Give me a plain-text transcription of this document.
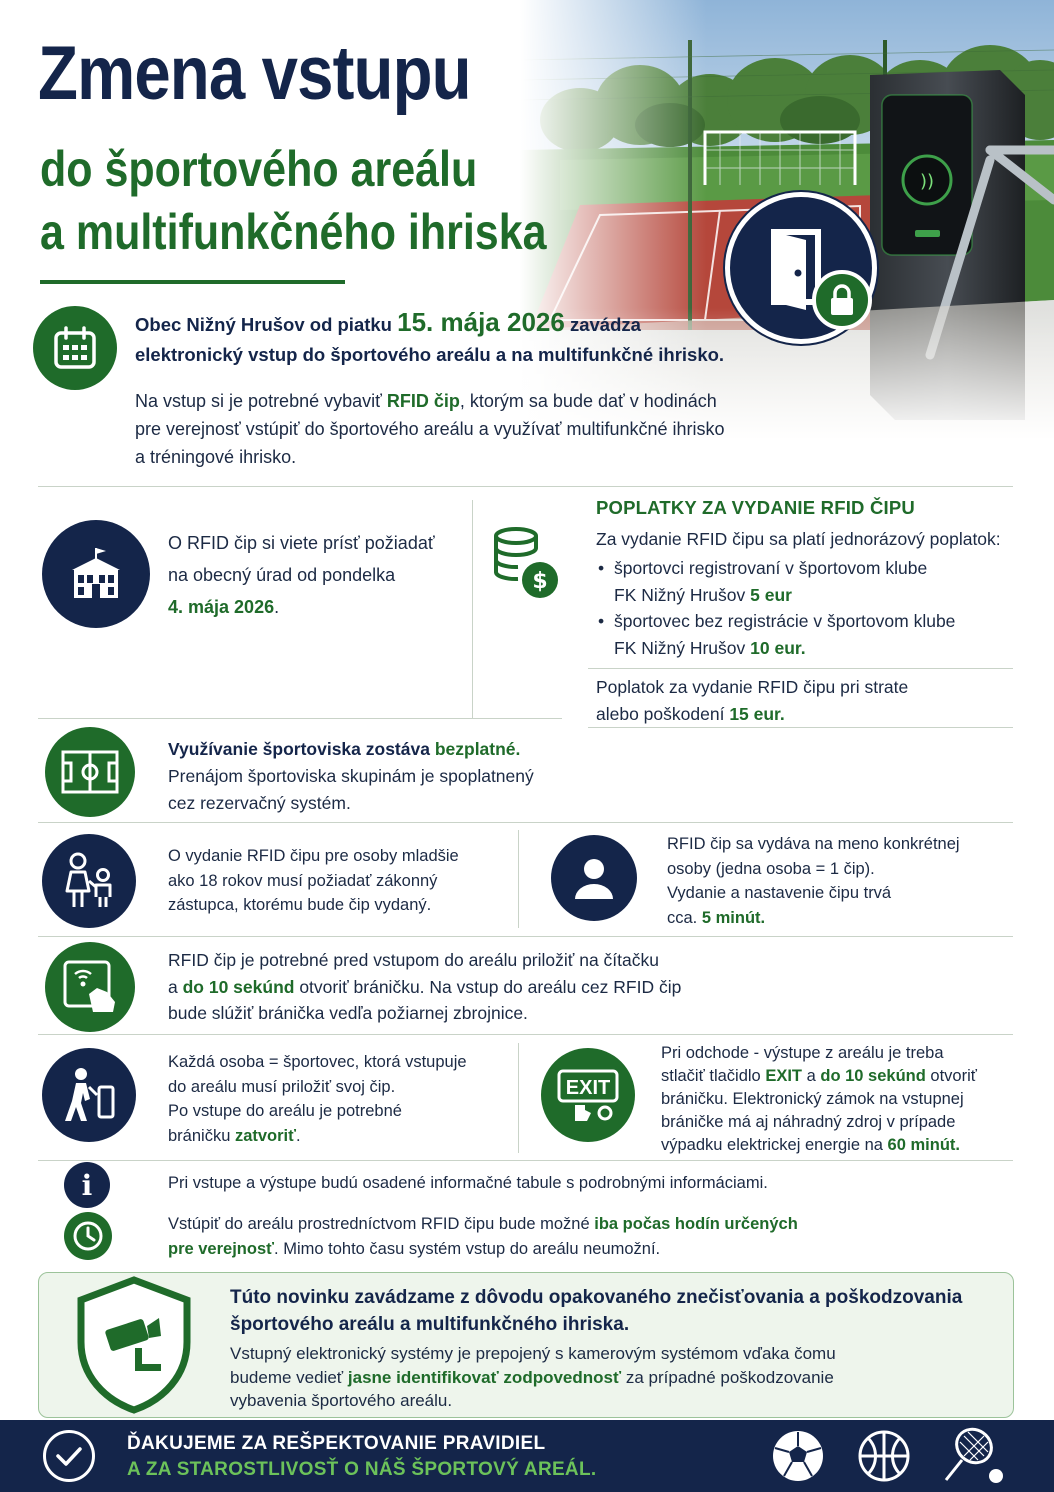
Zmena vstupu
do športového areálu
a multifunkčného ihriska
Obec Nižný Hrušov od piatku 15. mája 2026 zavádza
elektronický vstup do športového areálu a na multifunkčné ihrisko.
Na vstup si je potrebné vybaviť RFID čip, ktorým sa bude dať v hodinách
pre verejnosť vstúpiť do športového areálu a využívať multifunkčné ihrisko
a tréningové ihrisko.
O RFID čip si viete prísť požiadať
na obecný úrad od pondelka
4. mája 2026.
$
POPLATKY ZA VYDANIE RFID ČIPU
Za vydanie RFID čipu sa platí jednorázový poplatok:
• športovci registrovaní v športovom klube
FK Nižný Hrušov 5 eur
• športovec bez registrácie v športovom klube
FK Nižný Hrušov 10 eur.
Poplatok za vydanie RFID čipu pri strate
alebo poškodení 15 eur.
Využívanie športoviska zostáva bezplatné.
Prenájom športoviska skupinám je spoplatnený
cez rezervačný systém.
O vydanie RFID čipu pre osoby mladšie
ako 18 rokov musí požiadať zákonný
zástupca, ktorému bude čip vydaný.
RFID čip sa vydáva na meno konkrétnej
osoby (jedna osoba = 1 čip).
Vydanie a nastavenie čipu trvá
cca. 5 minút.
RFID čip je potrebné pred vstupom do areálu priložiť na čítačku
a do 10 sekúnd otvoriť bráničku. Na vstup do areálu cez RFID čip
bude slúžiť bránička vedľa požiarnej zbrojnice.
Každá osoba = športovec, ktorá vstupuje
do areálu musí priložiť svoj čip.
Po vstupe do areálu je potrebné
bráničku zatvoriť.
EXIT
Pri odchode - výstupe z areálu je treba
stlačiť tlačidlo EXIT a do 10 sekúnd otvoriť
bráničku. Elektronický zámok na vstupnej
bráničke má aj náhradný zdroj v prípade
výpadku elektrickej energie na 60 minút.
i	Pri vstupe a výstupe budú osadené informačné tabule s podrobnými informáciami.
Vstúpiť do areálu prostredníctvom RFID čipu bude možné iba počas hodín určených
pre verejnosť. Mimo tohto času systém vstup do areálu neumožní.
Túto novinku zavádzame z dôvodu opakovaného znečisťovania a poškodzovania
športového areálu a multifunkčného ihriska.
Vstupný elektronický systémy je prepojený s kamerovým systémom vďaka čomu
budeme vedieť jasne identifikovať zodpovednosť za prípadné poškodzovanie
vybavenia športového areálu.
ĎAKUJEME ZA REŠPEKTOVANIE PRAVIDIEL
A ZA STAROSTLIVOSŤ O NÁŠ ŠPORTOVÝ AREÁL.
